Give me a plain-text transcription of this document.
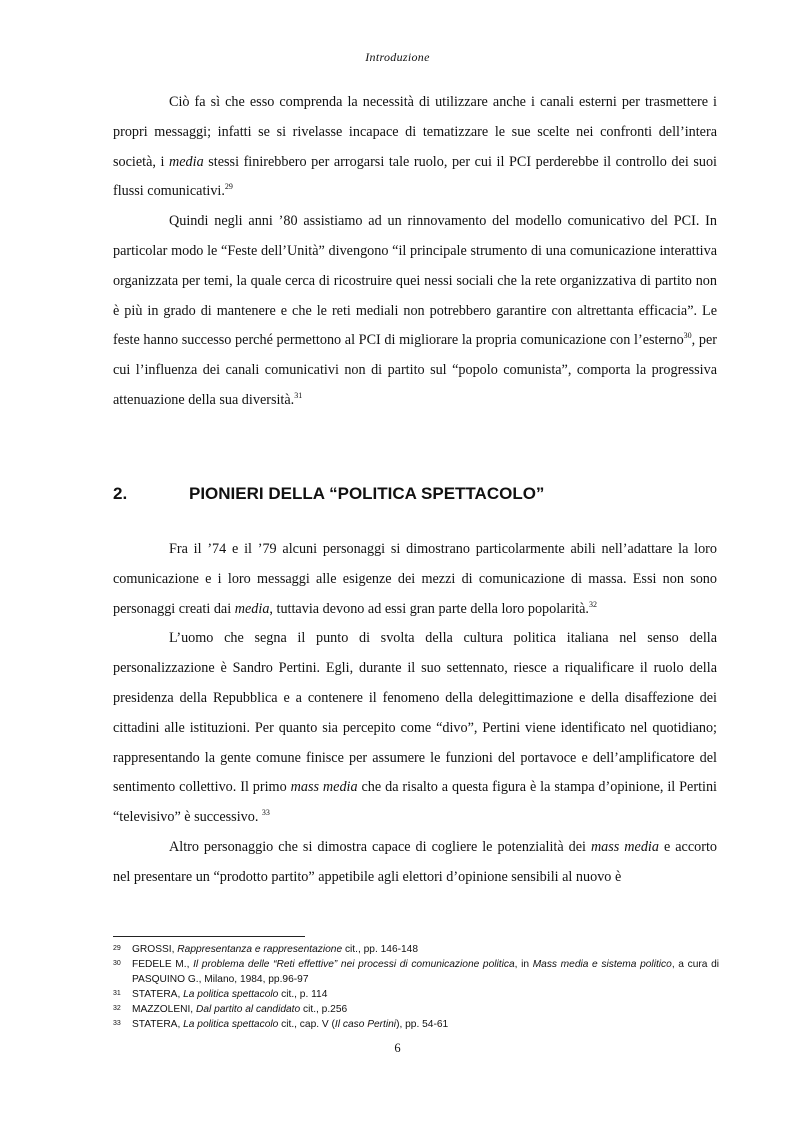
Introduzione

Ciò fa sì che esso comprenda la necessità di utilizzare anche i canali esterni per trasmettere i propri messaggi; infatti se si rivelasse incapace di tematizzare le sue scelte nei confronti dell’intera società, i media stessi finirebbero per arrogarsi tale ruolo, per cui il PCI perderebbe il controllo dei suoi flussi comunicativi.$^{29}$

Quindi negli anni ’80 assistiamo ad un rinnovamento del modello comunicativo del PCI. In particolar modo le “Feste dell’Unità” divengono “il principale strumento di una comunicazione interattiva organizzata per temi, la quale cerca di ricostruire quei nessi sociali che la rete organizzativa di partito non è più in grado di mantenere e che le reti mediali non potrebbero garantire con altrettanta efficacia”. Le feste hanno successo perché permettono al PCI di migliorare la propria comunicazione con l’esterno$^{30}$, per cui l’influenza dei canali comunicativi non di partito sul “popolo comunista”, comporta la progressiva attenuazione della sua diversità.$^{31}$

2.	PIONIERI DELLA “POLITICA SPETTACOLO”

Fra il ’74 e il ’79 alcuni personaggi si dimostrano particolarmente abili nell’adattare la loro comunicazione e i loro messaggi alle esigenze dei mezzi di comunicazione di massa. Essi non sono personaggi creati dai media, tuttavia devono ad essi gran parte della loro popolarità.$^{32}$

L’uomo che segna il punto di svolta della cultura politica italiana nel senso della personalizzazione è Sandro Pertini. Egli, durante il suo settennato, riesce a riqualificare il ruolo della presidenza della Repubblica e a contenere il fenomeno della delegittimazione e della disaffezione dei cittadini alle istituzioni. Per quanto sia percepito come “divo”, Pertini viene identificato nel quotidiano; rappresentando la gente comune finisce per assumere le funzioni del portavoce e dell’amplificatore del sentimento collettivo. Il primo mass media che da risalto a questa figura è la stampa d’opinione, il Pertini “televisivo” è successivo. $^{33}$

Altro personaggio che si dimostra capace di cogliere le potenzialità dei mass media e accorto nel presentare un “prodotto partito” appetibile agli elettori d’opinione sensibili al nuovo è

29 GROSSI, Rappresentanza e rappresentazione cit., pp. 146-148
30 FEDELE M., Il problema delle “Reti effettive” nei processi di comunicazione politica, in Mass media e sistema politico, a cura di PASQUINO G., Milano, 1984, pp.96-97
31 STATERA, La politica spettacolo cit., p. 114
32 MAZZOLENI, Dal partito al candidato cit., p.256
33 STATERA, La politica spettacolo cit., cap. V (Il caso Pertini), pp. 54-61
6
